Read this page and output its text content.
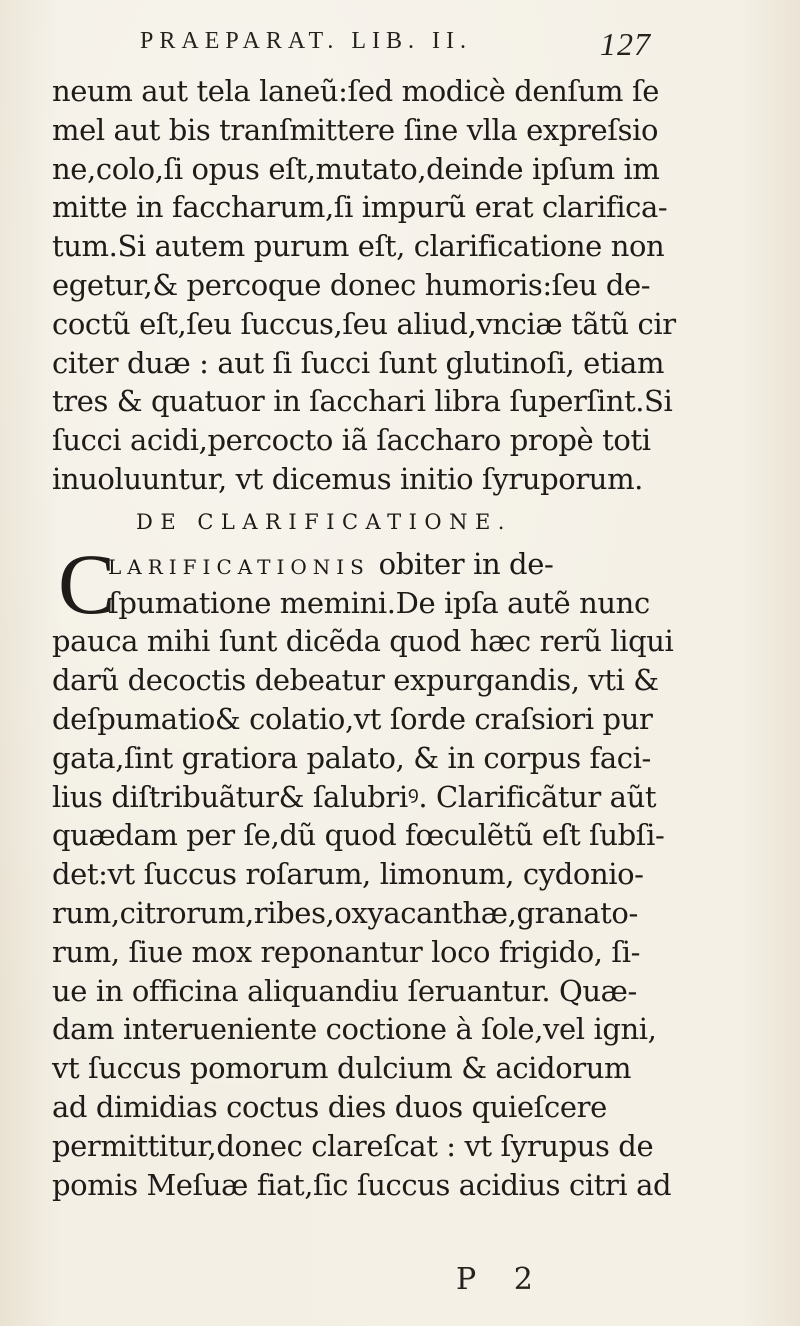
PRAEPARAT. LIB. II.	127
neum aut tela laneũ:ſed modicè denſum ſe
mel aut bis tranſmittere ſine vlla expreſsio
ne,colo,ſi opus eſt,mutato,deinde ipſum im
mitte in faccharum,ſi impurũ erat clarifica-
tum.Si autem purum eſt, clarificatione non
egetur,& percoque donec humoris:ſeu de-
coctũ eſt,ſeu ſuccus,ſeu aliud,vnciæ tãtũ cir
citer duæ : aut ſi ſucci ſunt glutinoſi, etiam
tres & quatuor in ſacchari libra ſuperſint.Si
ſucci acidi,percocto iã ſaccharo propè toti
inuoluuntur, vt dicemus initio ſyruporum.
DE CLARIFICATIONE.
C
LARIFICATIONIS obiter in de-
ſpumatione memini.De ipſa autẽ nunc
pauca mihi ſunt dicẽda quod hæc rerũ liqui
darũ decoctis debeatur expurgandis, vti &
deſpumatio& colatio,vt ſorde craſsiori pur
gata,ſint gratiora palato, & in corpus faci-
lius diſtribuãtur& ſalubriꝰ. Clarificãtur aũt
quædam per ſe,dũ quod fœculẽtũ eſt ſubſi-
det:vt ſuccus roſarum, limonum, cydonio-
rum,citrorum,ribes,oxyacanthæ,granato-
rum, ſiue mox reponantur loco frigido, ſi-
ue in officina aliquandiu ſeruantur. Quæ-
dam interueniente coctione à ſole,vel igni,
vt ſuccus pomorum dulcium & acidorum
ad dimidias coctus dies duos quieſcere
permittitur,donec clareſcat : vt ſyrupus de
pomis Meſuæ fiat,ſic ſuccus acidius citri ad
P 2
